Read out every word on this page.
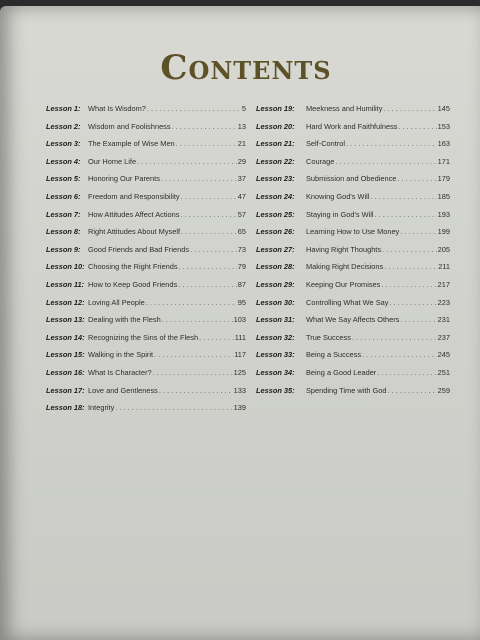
Contents
Lesson 1:	What Is Wisdom? . . .	5
Lesson 2:	Wisdom and Foolishness . . .	13
Lesson 3:	The Example of Wise Men . . .	21
Lesson 4:	Our Home Life . . .	29
Lesson 5:	Honoring Our Parents . . .	37
Lesson 6:	Freedom and Responsibility . . .	47
Lesson 7:	How Attitudes Affect Actions . . .	57
Lesson 8:	Right Attitudes About Myself . . .	65
Lesson 9:	Good Friends and Bad Friends . . .	73
Lesson 10: Choosing the Right Friends . . .	79
Lesson 11: How to Keep Good Friends . . .	87
Lesson 12: Loving All People . . .	95
Lesson 13: Dealing with the Flesh . . .	103
Lesson 14: Recognizing the Sins of the Flesh . . .	111
Lesson 15: Walking in the Spirit . . .	117
Lesson 16: What Is Character? . . .	125
Lesson 17: Love and Gentleness . . .	133
Lesson 18: Integrity . . .	139
Lesson 19:	Meekness and Humility . . .	145
Lesson 20:	Hard Work and Faithfulness . . .	153
Lesson 21:	Self-Control . . .	163
Lesson 22:	Courage . . .	171
Lesson 23:	Submission and Obedience . . .	179
Lesson 24:	Knowing God's Will . . .	185
Lesson 25:	Staying in God's Will . . .	193
Lesson 26:	Learning How to Use Money . . .	199
Lesson 27:	Having Right Thoughts . . .	205
Lesson 28:	Making Right Decisions . . .	211
Lesson 29:	Keeping Our Promises . . .	217
Lesson 30:	Controlling What We Say . . .	223
Lesson 31:	What We Say Affects Others . . .	231
Lesson 32:	True Success . . .	237
Lesson 33:	Being a Success . . .	245
Lesson 34:	Being a Good Leader . . .	251
Lesson 35:	Spending Time with God . . .	259
